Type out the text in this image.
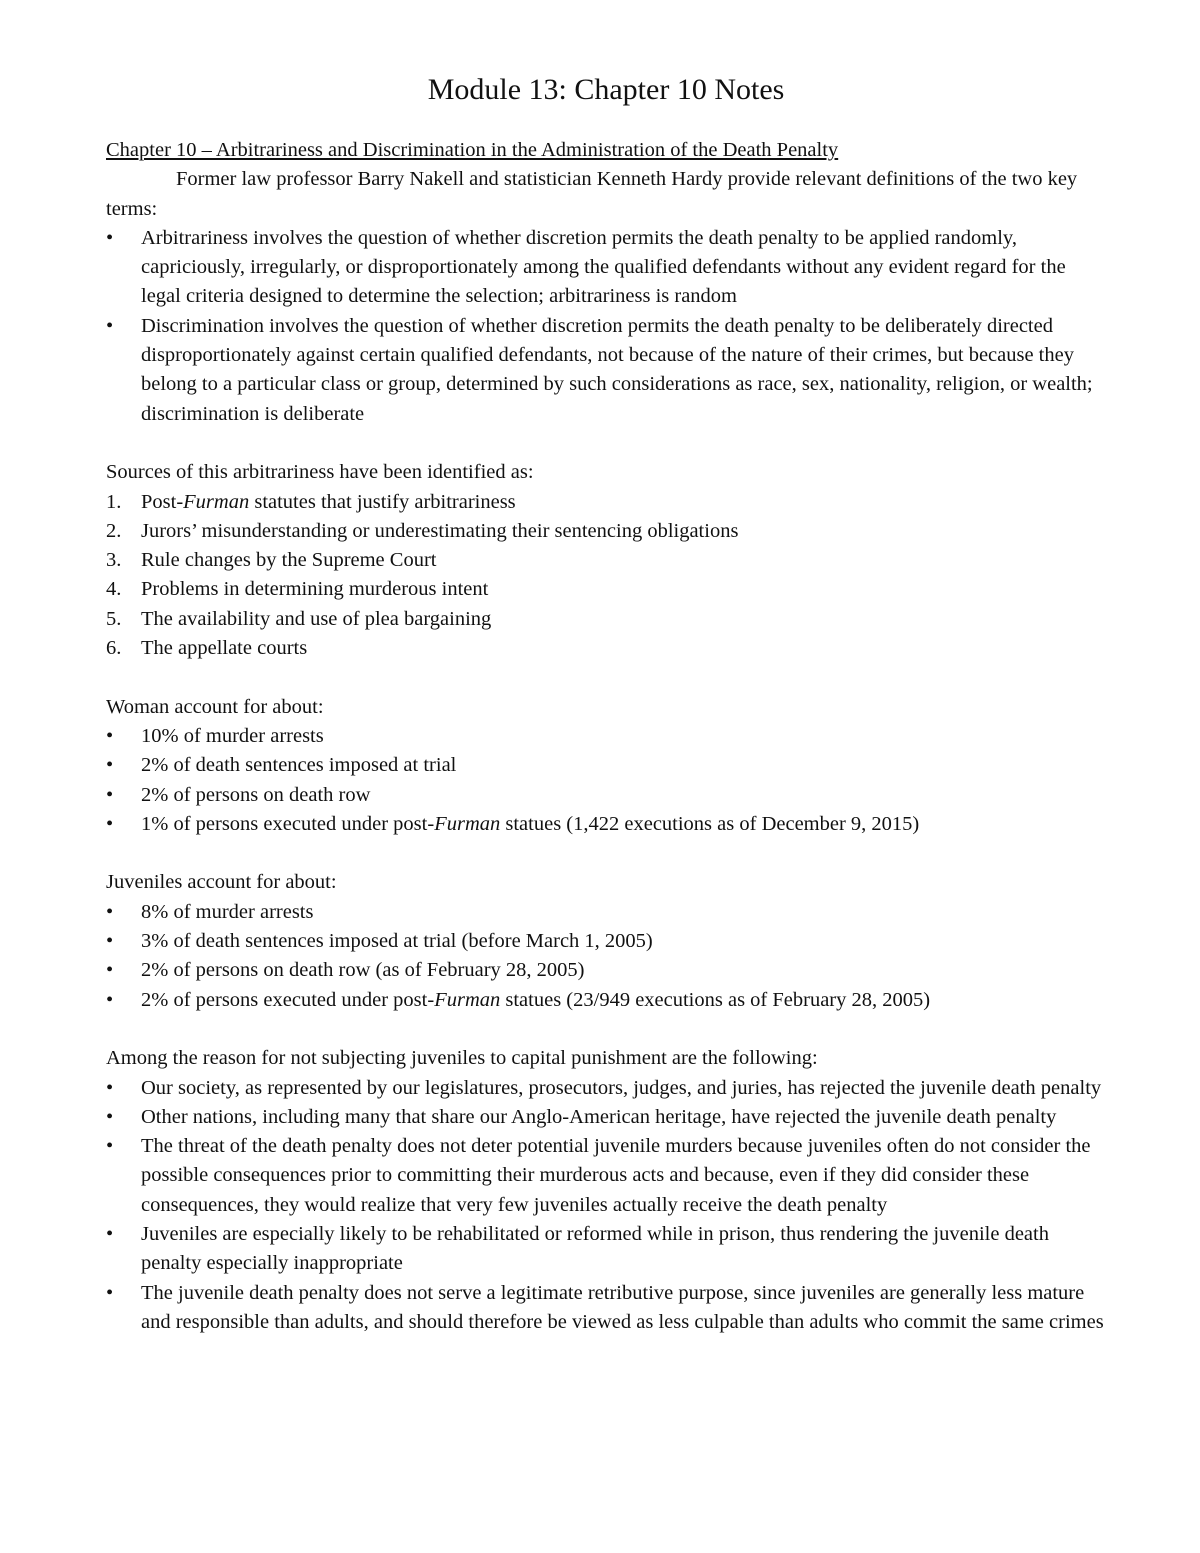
Module 13: Chapter 10 Notes

Chapter 10 – Arbitrariness and Discrimination in the Administration of the Death Penalty

Former law professor Barry Nakell and statistician Kenneth Hardy provide relevant definitions of the two key terms:

• Arbitrariness involves the question of whether discretion permits the death penalty to be applied randomly, capriciously, irregularly, or disproportionately among the qualified defendants without any evident regard for the legal criteria designed to determine the selection; arbitrariness is random
• Discrimination involves the question of whether discretion permits the death penalty to be deliberately directed disproportionately against certain qualified defendants, not because of the nature of their crimes, but because they belong to a particular class or group, determined by such considerations as race, sex, nationality, religion, or wealth; discrimination is deliberate

Sources of this arbitrariness have been identified as:

1. Post-Furman statutes that justify arbitrariness
2. Jurors’ misunderstanding or underestimating their sentencing obligations
3. Rule changes by the Supreme Court
4. Problems in determining murderous intent
5. The availability and use of plea bargaining
6. The appellate courts

Woman account for about:

• 10% of murder arrests
• 2% of death sentences imposed at trial
• 2% of persons on death row
• 1% of persons executed under post-Furman statues (1,422 executions as of December 9, 2015)

Juveniles account for about:

• 8% of murder arrests
• 3% of death sentences imposed at trial (before March 1, 2005)
• 2% of persons on death row (as of February 28, 2005)
• 2% of persons executed under post-Furman statues (23/949 executions as of February 28, 2005)

Among the reason for not subjecting juveniles to capital punishment are the following:

• Our society, as represented by our legislatures, prosecutors, judges, and juries, has rejected the juvenile death penalty
• Other nations, including many that share our Anglo-American heritage, have rejected the juvenile death penalty
• The threat of the death penalty does not deter potential juvenile murders because juveniles often do not consider the possible consequences prior to committing their murderous acts and because, even if they did consider these consequences, they would realize that very few juveniles actually receive the death penalty
• Juveniles are especially likely to be rehabilitated or reformed while in prison, thus rendering the juvenile death penalty especially inappropriate
• The juvenile death penalty does not serve a legitimate retributive purpose, since juveniles are generally less mature and responsible than adults, and should therefore be viewed as less culpable than adults who commit the same crimes
